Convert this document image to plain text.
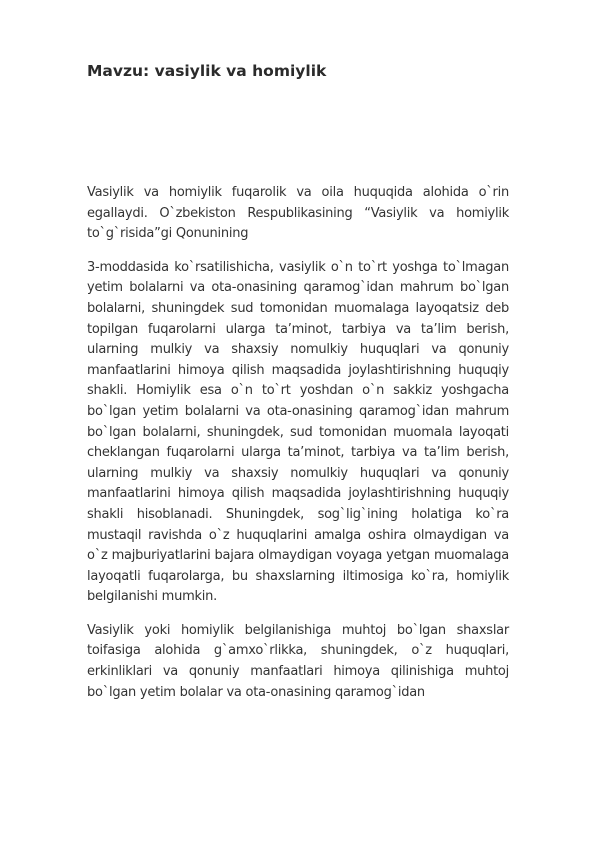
Mavzu: vasiylik va homiylik

Vasiylik va homiylik fuqarolik va oila huquqida alohida o`rin egallaydi. O`zbekiston Respublikasining “Vasiylik va homiylik to`g`risida”gi Qonunining

3-moddasida ko`rsatilishicha, vasiylik o`n to`rt yoshga to`lmagan yetim bolalarni va ota-onasining qaramog`idan mahrum bo`lgan bolalarni, shuningdek sud tomonidan muomalaga layoqatsiz deb topilgan fuqarolarni ularga ta’minot, tarbiya va ta’lim berish, ularning mulkiy va shaxsiy nomulkiy huquqlari va qonuniy manfaatlarini himoya qilish maqsadida joylashtirishning huquqiy shakli. Homiylik esa o`n to`rt yoshdan o`n sakkiz yoshgacha bo`lgan yetim bolalarni va ota-onasining qaramog`idan mahrum bo`lgan bolalarni, shuningdek, sud tomonidan muomala layoqati cheklangan fuqarolarni ularga ta’minot, tarbiya va ta’lim berish, ularning mulkiy va shaxsiy nomulkiy huquqlari va qonuniy manfaatlarini himoya qilish maqsadida joylashtirishning huquqiy shakli hisoblanadi. Shuningdek, sog`lig`ining holatiga ko`ra mustaqil ravishda o`z huquqlarini amalga oshira olmaydigan va o`z majburiyatlarini bajara olmaydigan voyaga yetgan muomalaga layoqatli fuqarolarga, bu shaxslarning iltimosiga ko`ra, homiylik belgilanishi mumkin.

Vasiylik yoki homiylik belgilanishiga muhtoj bo`lgan shaxslar toifasiga alohida g`amxo`rlikka, shuningdek, o`z huquqlari, erkinliklari va qonuniy manfaatlari himoya qilinishiga muhtoj bo`lgan yetim bolalar va ota-onasining qaramog`idan
